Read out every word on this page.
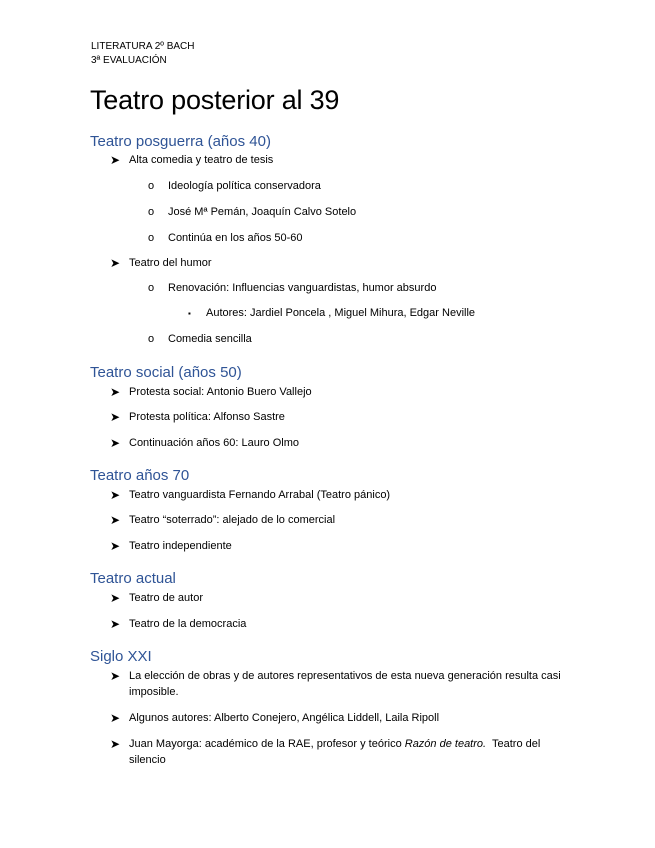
LITERATURA 2º BACH
3ª EVALUACIÓN
Teatro posterior al 39
Teatro posguerra (años 40)
➤ Alta comedia y teatro de tesis
o Ideología política conservadora
o José Mª Pemán, Joaquín Calvo Sotelo
o Continúa en los años 50-60
➤ Teatro del humor
o Renovación: Influencias vanguardistas, humor absurdo
▪ Autores: Jardiel Poncela , Miguel Mihura, Edgar Neville
o Comedia sencilla
Teatro social (años 50)
➤ Protesta social: Antonio Buero Vallejo
➤ Protesta política: Alfonso Sastre
➤ Continuación años 60: Lauro Olmo
Teatro años 70
➤ Teatro vanguardista Fernando Arrabal (Teatro pánico)
➤ Teatro “soterrado”: alejado de lo comercial
➤ Teatro independiente
Teatro actual
➤ Teatro de autor
➤ Teatro de la democracia
Siglo XXI
➤ La elección de obras y de autores representativos de esta nueva generación resulta casi imposible.
➤ Algunos autores: Alberto Conejero, Angélica Liddell, Laila Ripoll
➤ Juan Mayorga: académico de la RAE, profesor y teórico Razón de teatro.  Teatro del silencio
